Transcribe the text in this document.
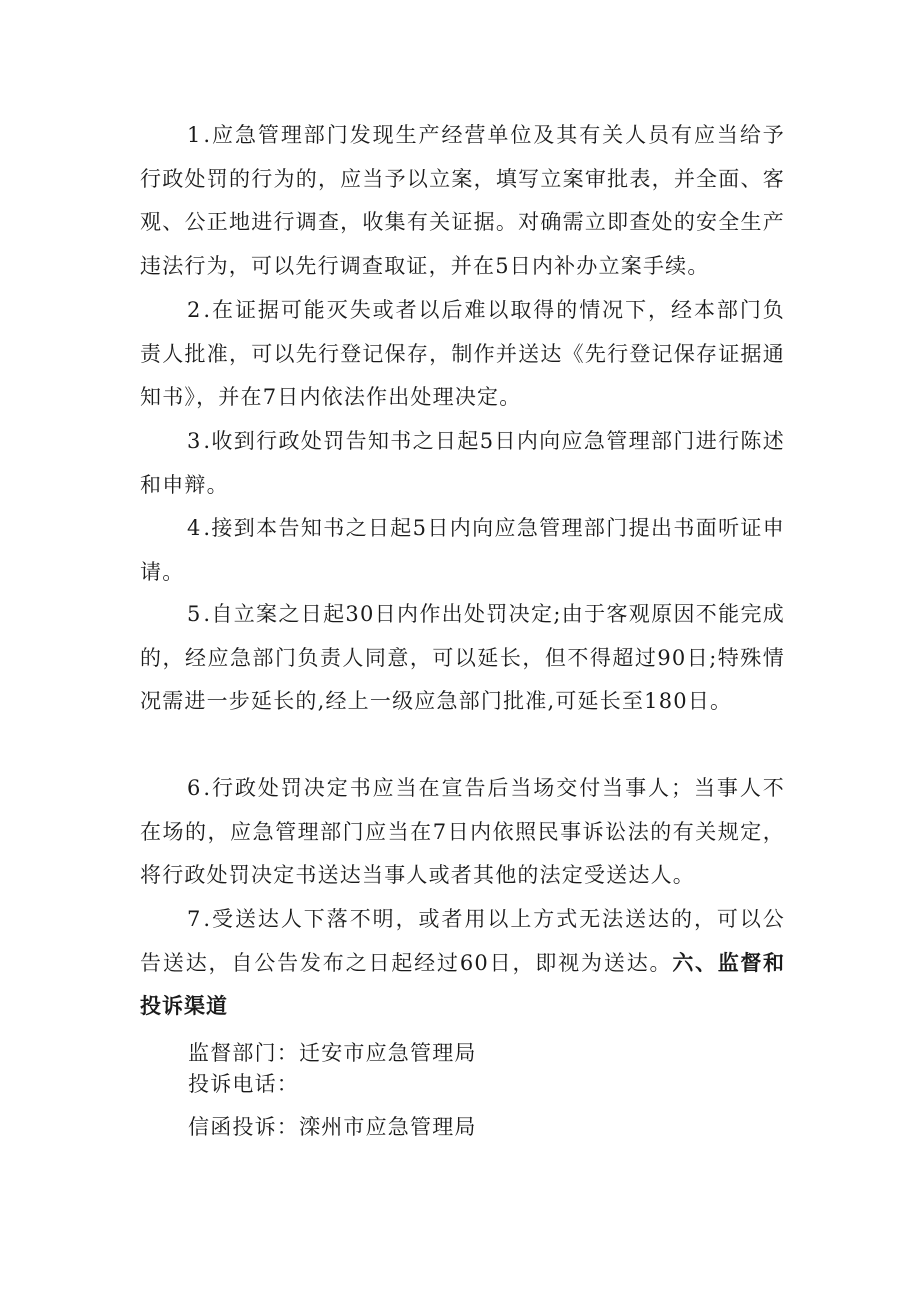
1.应急管理部门发现生产经营单位及其有关人员有应当给予行政处罚的行为的，应当予以立案，填写立案审批表，并全面、客观、公正地进行调查，收集有关证据。对确需立即查处的安全生产违法行为，可以先行调查取证，并在5日内补办立案手续。

2.在证据可能灭失或者以后难以取得的情况下，经本部门负责人批准，可以先行登记保存，制作并送达《先行登记保存证据通知书》，并在7日内依法作出处理决定。

3.收到行政处罚告知书之日起5日内向应急管理部门进行陈述和申辩。

4.接到本告知书之日起5日内向应急管理部门提出书面听证申请。

5.自立案之日起30日内作出处罚决定;由于客观原因不能完成的，经应急部门负责人同意，可以延长，但不得超过90日;特殊情况需进一步延长的,经上一级应急部门批准,可延长至180日。

6.行政处罚决定书应当在宣告后当场交付当事人；当事人不在场的，应急管理部门应当在7日内依照民事诉讼法的有关规定，将行政处罚决定书送达当事人或者其他的法定受送达人。

7.受送达人下落不明，或者用以上方式无法送达的，可以公告送达，自公告发布之日起经过60日，即视为送达。六、监督和投诉渠道

监督部门：迁安市应急管理局

投诉电话：

信函投诉：滦州市应急管理局
